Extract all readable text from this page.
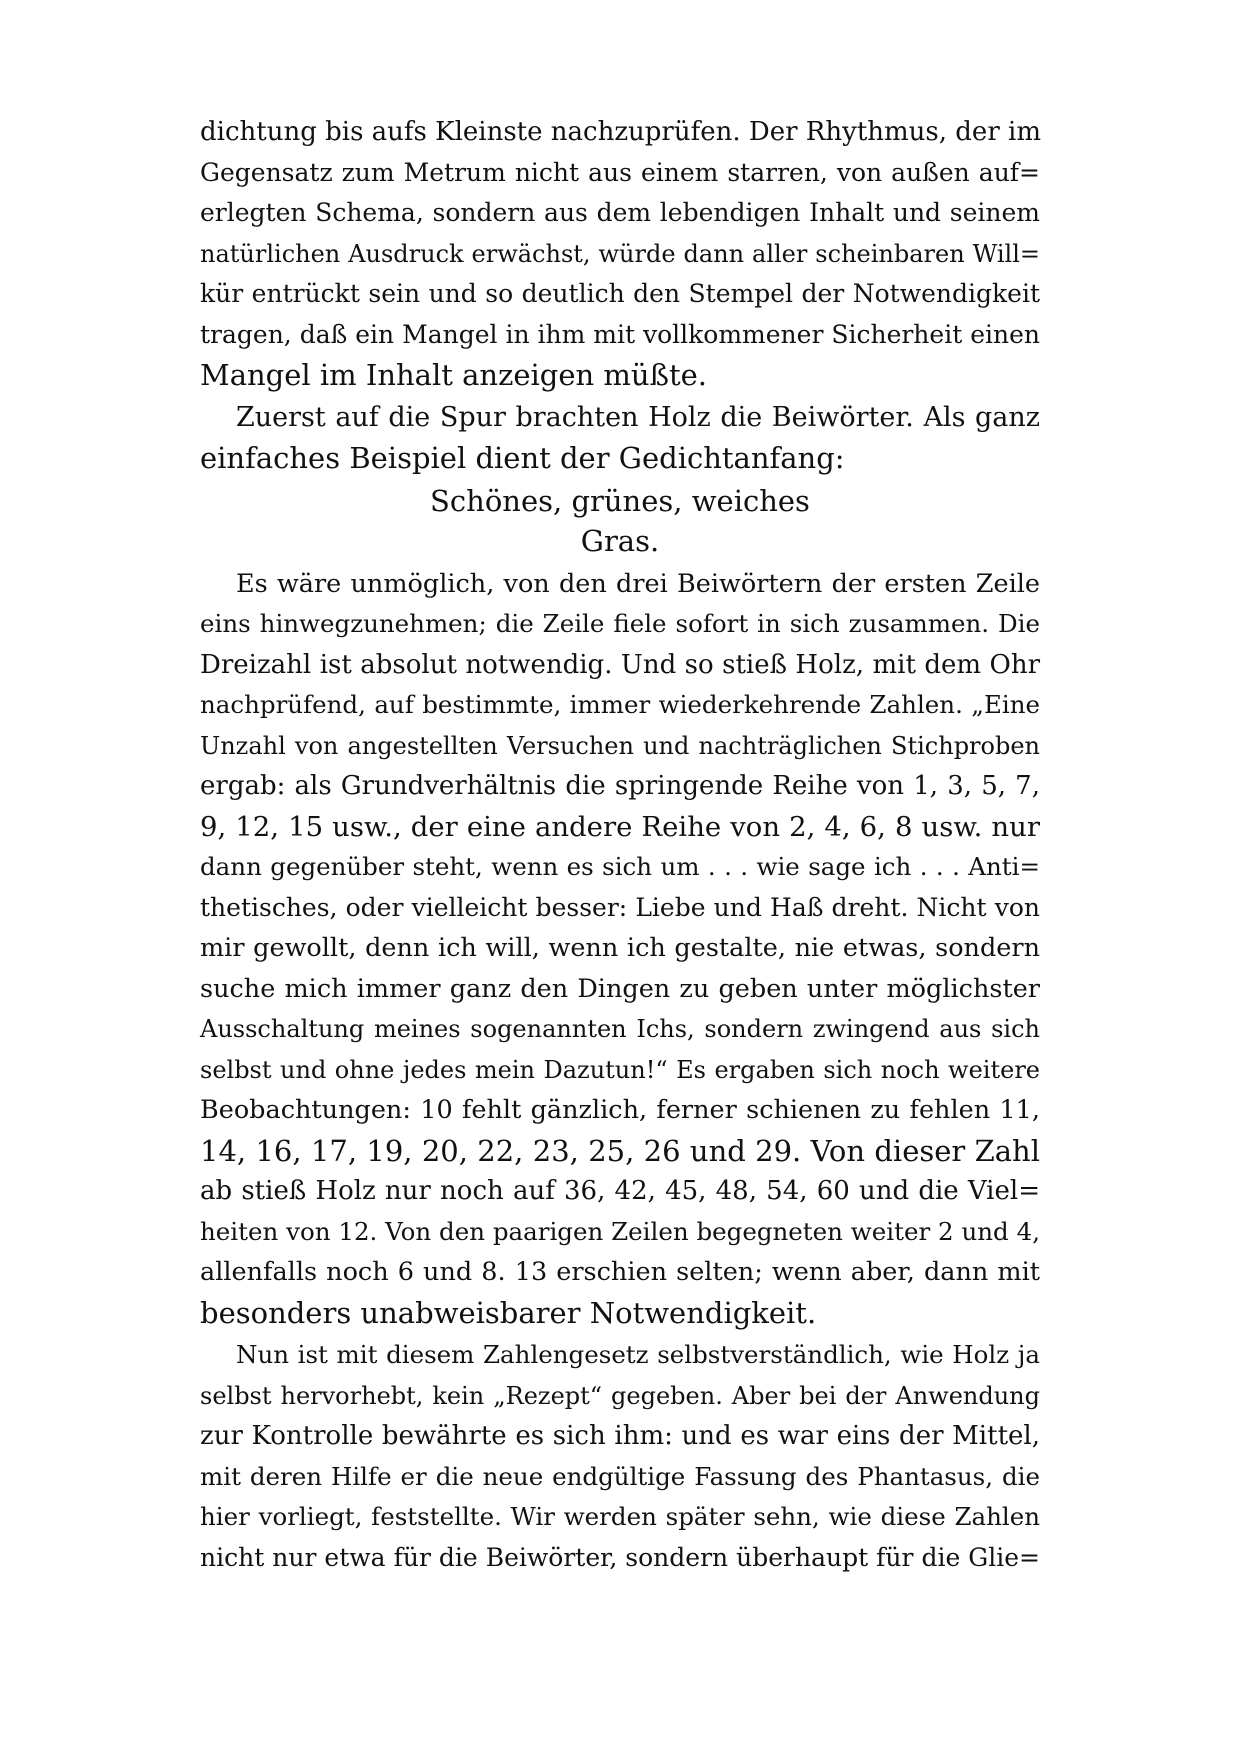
dichtung bis aufs Kleinste nachzuprüfen. Der Rhythmus, der im
Gegensatz zum Metrum nicht aus einem starren, von außen auf=
erlegten Schema, sondern aus dem lebendigen Inhalt und seinem
natürlichen Ausdruck erwächst, würde dann aller scheinbaren Will=
kür entrückt sein und so deutlich den Stempel der Notwendigkeit
tragen, daß ein Mangel in ihm mit vollkommener Sicherheit einen
Mangel im Inhalt anzeigen müßte.
Zuerst auf die Spur brachten Holz die Beiwörter. Als ganz
einfaches Beispiel dient der Gedichtanfang:
Schönes, grünes, weiches
Gras.
Es wäre unmöglich, von den drei Beiwörtern der ersten Zeile
eins hinwegzunehmen; die Zeile fiele sofort in sich zusammen. Die
Dreizahl ist absolut notwendig. Und so stieß Holz, mit dem Ohr
nachprüfend, auf bestimmte, immer wiederkehrende Zahlen. „Eine
Unzahl von angestellten Versuchen und nachträglichen Stichproben
ergab: als Grundverhältnis die springende Reihe von 1, 3, 5, 7,
9, 12, 15 usw., der eine andere Reihe von 2, 4, 6, 8 usw. nur
dann gegenüber steht, wenn es sich um . . . wie sage ich . . . Anti=
thetisches, oder vielleicht besser: Liebe und Haß dreht. Nicht von
mir gewollt, denn ich will, wenn ich gestalte, nie etwas, sondern
suche mich immer ganz den Dingen zu geben unter möglichster
Ausschaltung meines sogenannten Ichs, sondern zwingend aus sich
selbst und ohne jedes mein Dazutun!“ Es ergaben sich noch weitere
Beobachtungen: 10 fehlt gänzlich, ferner schienen zu fehlen 11,
14, 16, 17, 19, 20, 22, 23, 25, 26 und 29. Von dieser Zahl
ab stieß Holz nur noch auf 36, 42, 45, 48, 54, 60 und die Viel=
heiten von 12. Von den paarigen Zeilen begegneten weiter 2 und 4,
allenfalls noch 6 und 8. 13 erschien selten; wenn aber, dann mit
besonders unabweisbarer Notwendigkeit.
Nun ist mit diesem Zahlengesetz selbstverständlich, wie Holz ja
selbst hervorhebt, kein „Rezept“ gegeben. Aber bei der Anwendung
zur Kontrolle bewährte es sich ihm: und es war eins der Mittel,
mit deren Hilfe er die neue endgültige Fassung des Phantasus, die
hier vorliegt, feststellte. Wir werden später sehn, wie diese Zahlen
nicht nur etwa für die Beiwörter, sondern überhaupt für die Glie=
